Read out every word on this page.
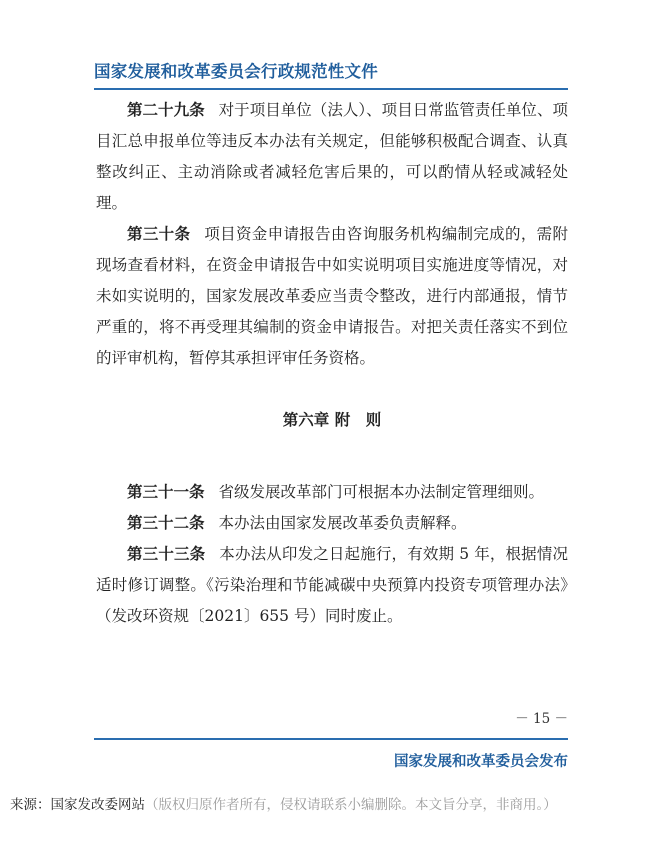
国家发展和改革委员会行政规范性文件

第二十九条 对于项目单位（法人）、项目日常监管责任单位、项目汇总申报单位等违反本办法有关规定，但能够积极配合调查、认真整改纠正、主动消除或者减轻危害后果的，可以酌情从轻或减轻处理。

第三十条 项目资金申请报告由咨询服务机构编制完成的，需附现场查看材料，在资金申请报告中如实说明项目实施进度等情况，对未如实说明的，国家发展改革委应当责令整改，进行内部通报，情节严重的，将不再受理其编制的资金申请报告。对把关责任落实不到位的评审机构，暂停其承担评审任务资格。

第六章 附　则

第三十一条 省级发展改革部门可根据本办法制定管理细则。

第三十二条 本办法由国家发展改革委负责解释。

第三十三条 本办法从印发之日起施行，有效期 5 年，根据情况适时修订调整。《污染治理和节能减碳中央预算内投资专项管理办法》（发改环资规〔2021〕655 号）同时废止。

－ 15 －
国家发展和改革委员会发布
来源：国家发改委网站（版权归原作者所有，侵权请联系小编删除。本文旨分享，非商用。）
